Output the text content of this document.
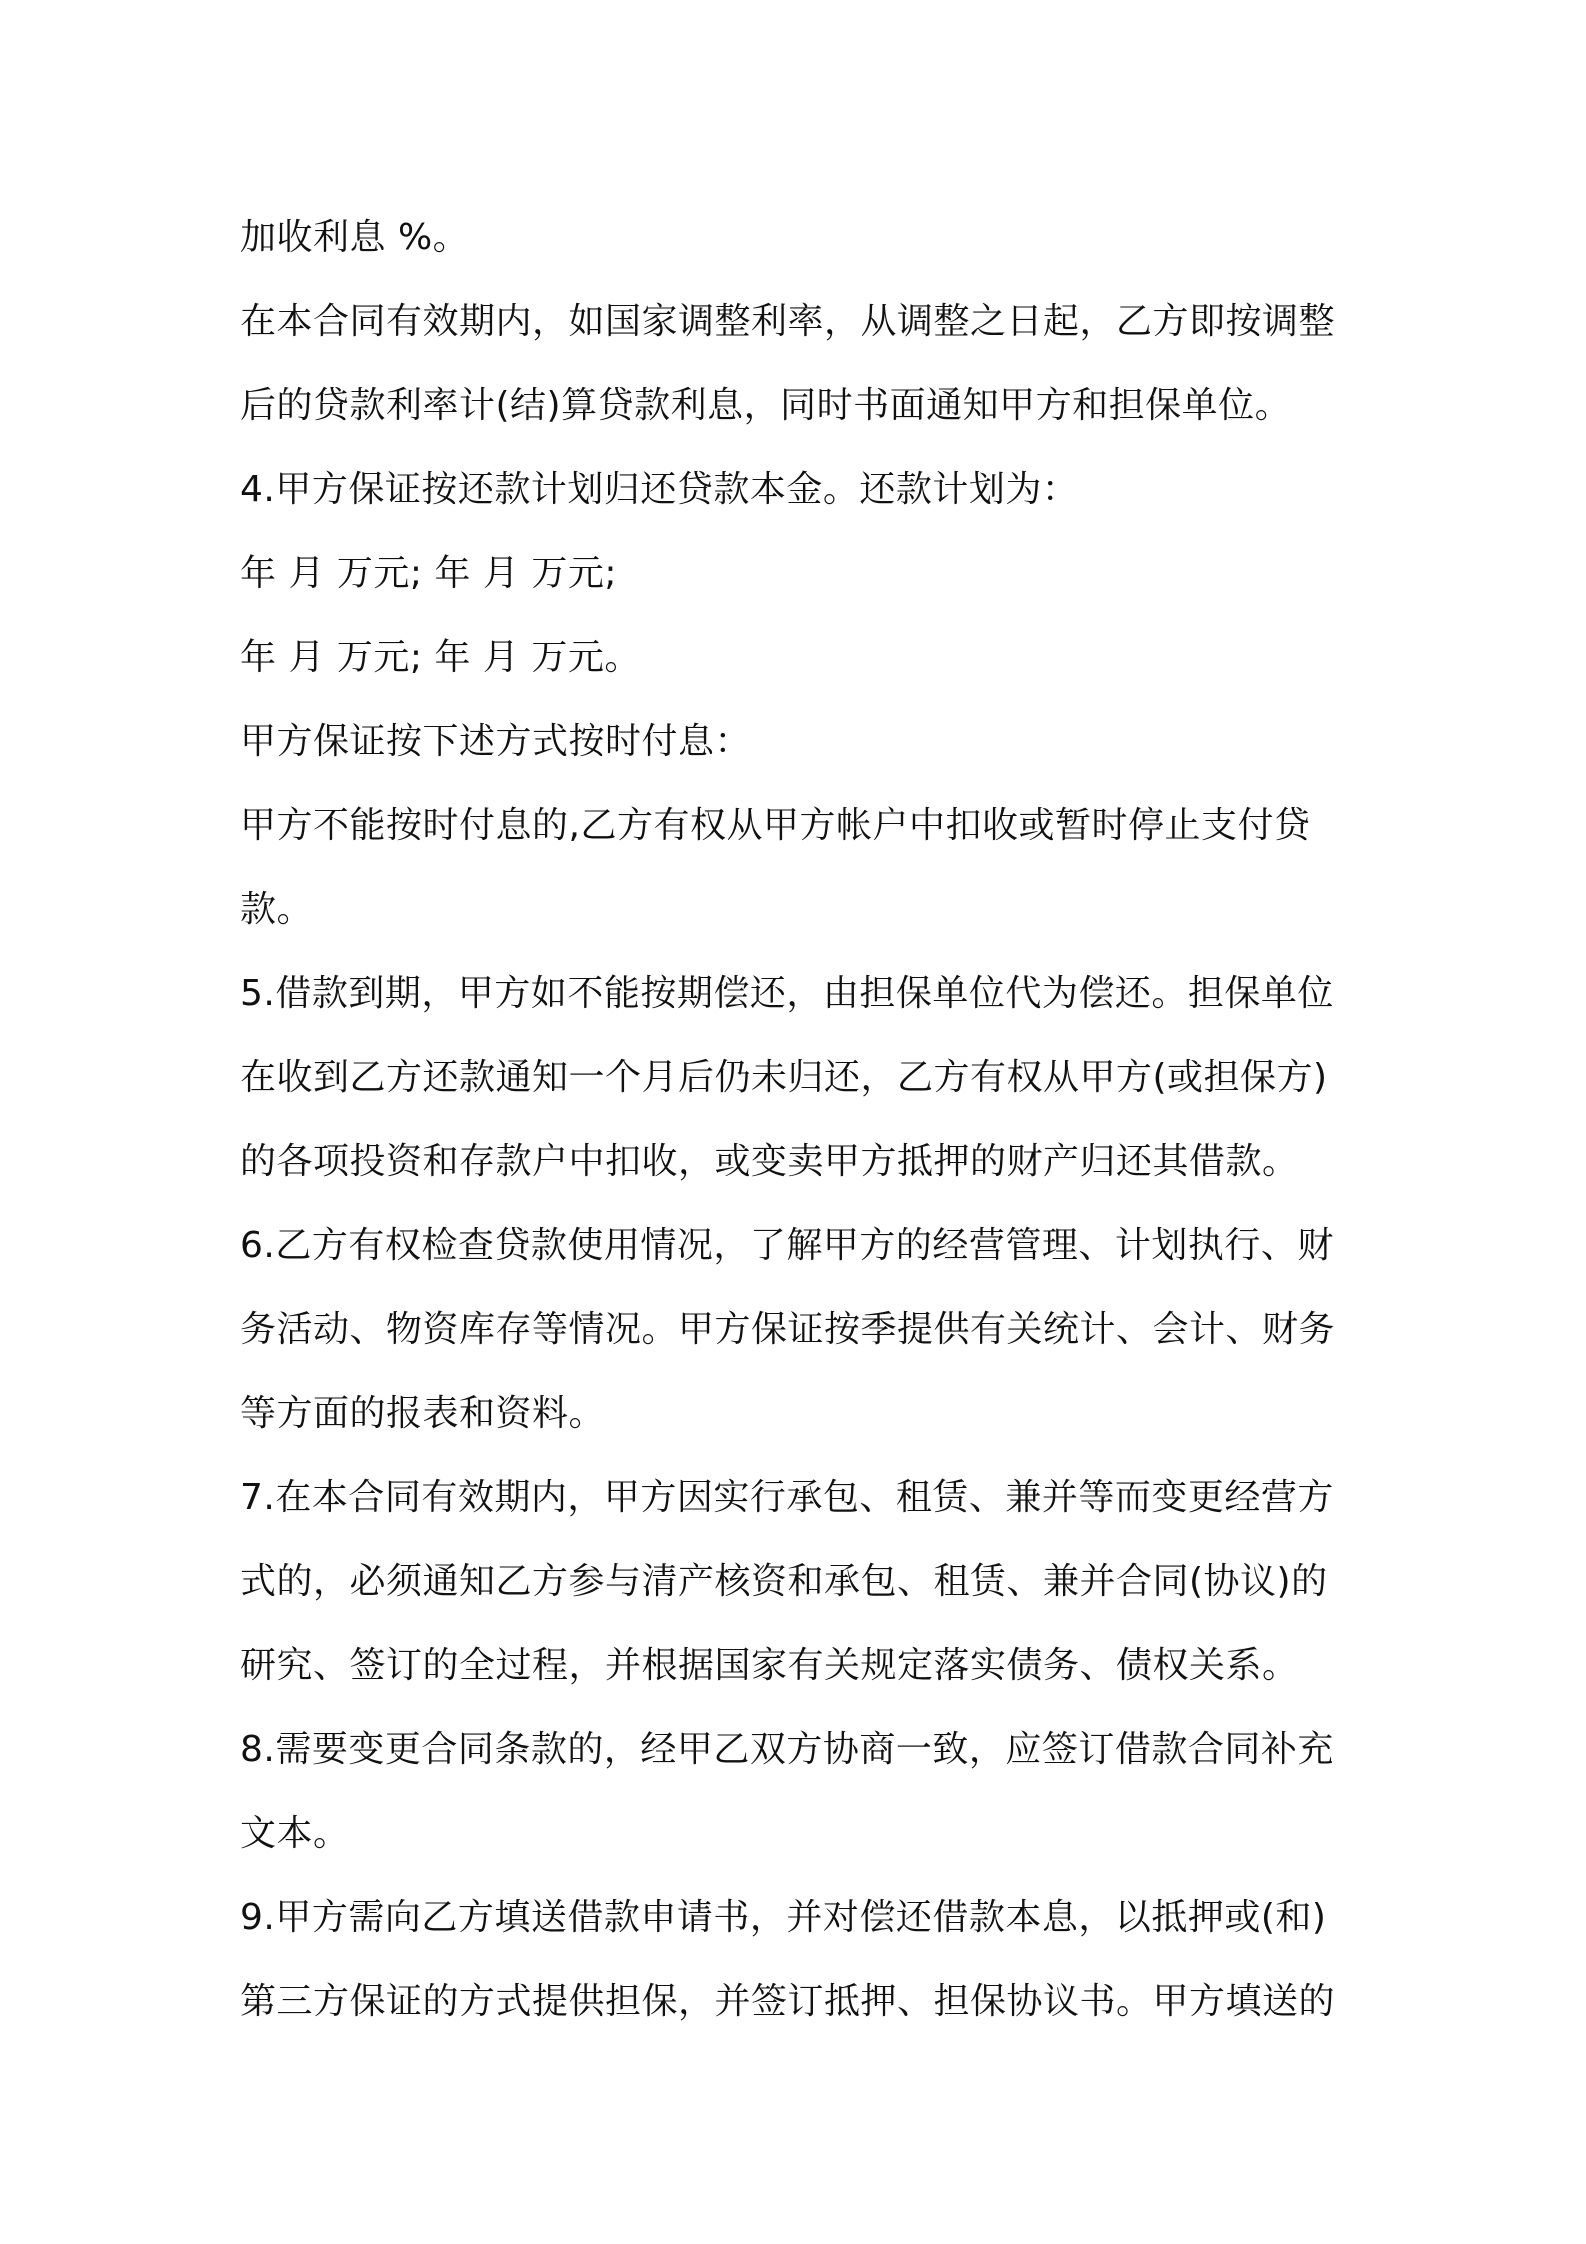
加收利息 %。
在本合同有效期内，如国家调整利率，从调整之日起，乙方即按调整
后的贷款利率计(结)算贷款利息，同时书面通知甲方和担保单位。
4.甲方保证按还款计划归还贷款本金。还款计划为：
年 月 万元; 年 月 万元;
年 月 万元; 年 月 万元。
甲方保证按下述方式按时付息：
甲方不能按时付息的,乙方有权从甲方帐户中扣收或暂时停止支付贷
款。
5.借款到期，甲方如不能按期偿还，由担保单位代为偿还。担保单位
在收到乙方还款通知一个月后仍未归还，乙方有权从甲方(或担保方)
的各项投资和存款户中扣收，或变卖甲方抵押的财产归还其借款。
6.乙方有权检查贷款使用情况，了解甲方的经营管理、计划执行、财
务活动、物资库存等情况。甲方保证按季提供有关统计、会计、财务
等方面的报表和资料。
7.在本合同有效期内，甲方因实行承包、租赁、兼并等而变更经营方
式的，必须通知乙方参与清产核资和承包、租赁、兼并合同(协议)的
研究、签订的全过程，并根据国家有关规定落实债务、债权关系。
8.需要变更合同条款的，经甲乙双方协商一致，应签订借款合同补充
文本。
9.甲方需向乙方填送借款申请书，并对偿还借款本息，以抵押或(和)
第三方保证的方式提供担保，并签订抵押、担保协议书。甲方填送的
